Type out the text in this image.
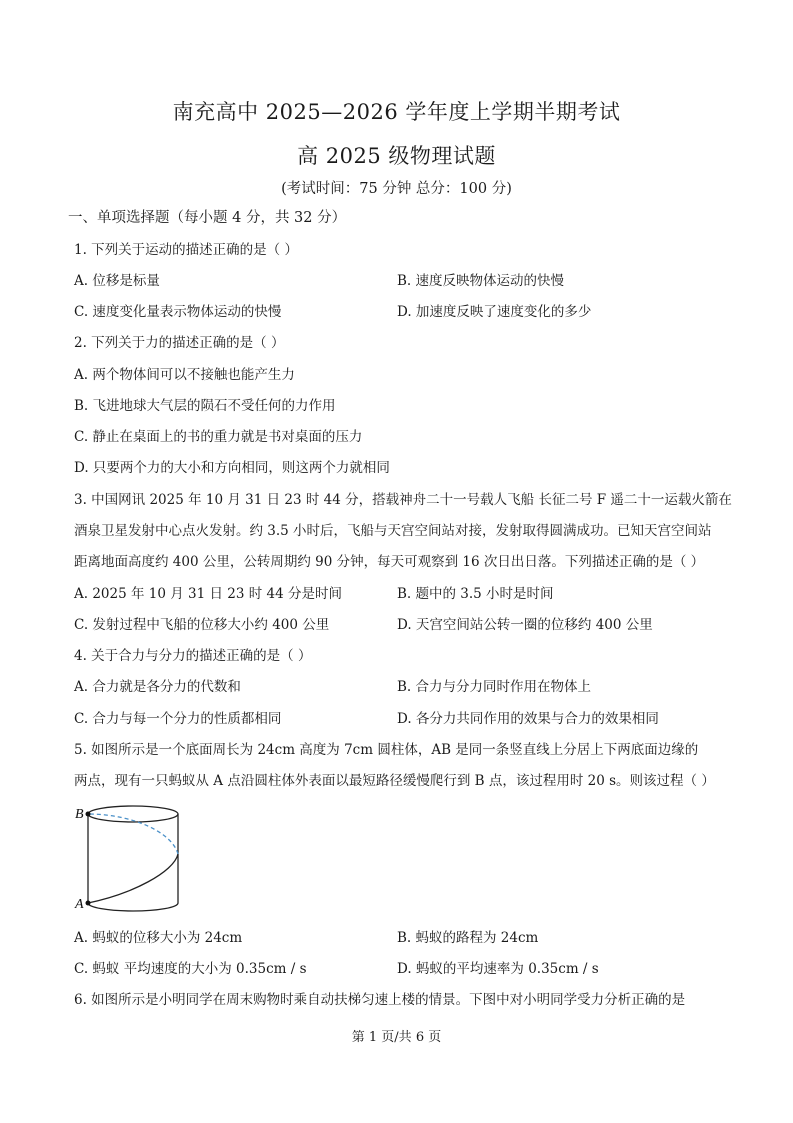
南充高中 2025—2026 学年度上学期半期考试
高 2025 级物理试题
(考试时间：75 分钟 总分：100 分)
一、单项选择题（每小题 4 分，共 32 分）
1. 下列关于运动的描述正确的是（ ）
A. 位移是标量	B. 速度反映物体运动的快慢
C. 速度变化量表示物体运动的快慢	D. 加速度反映了速度变化的多少
2. 下列关于力的描述正确的是（ ）
A. 两个物体间可以不接触也能产生力
B. 飞进地球大气层的陨石不受任何的力作用
C. 静止在桌面上的书的重力就是书对桌面的压力
D. 只要两个力的大小和方向相同，则这两个力就相同
3. 中国网讯 2025 年 10 月 31 日 23 时 44 分，搭载神舟二十一号载人飞船 长征二号 F 遥二十一运载火箭在
酒泉卫星发射中心点火发射。约 3.5 小时后，飞船与天宫空间站对接，发射取得圆满成功。已知天宫空间站
距离地面高度约 400 公里，公转周期约 90 分钟，每天可观察到 16 次日出日落。下列描述正确的是（ ）
A. 2025 年 10 月 31 日 23 时 44 分是时间	B. 题中的 3.5 小时是时间
C. 发射过程中飞船的位移大小约 400 公里	D. 天宫空间站公转一圈的位移约 400 公里
4. 关于合力与分力的描述正确的是（ ）
A. 合力就是各分力的代数和	B. 合力与分力同时作用在物体上
C. 合力与每一个分力的性质都相同	D. 各分力共同作用的效果与合力的效果相同
5. 如图所示是一个底面周长为 24cm 高度为 7cm 圆柱体，AB 是同一条竖直线上分居上下两底面边缘的
两点，现有一只蚂蚁从 A 点沿圆柱体外表面以最短路径缓慢爬行到 B 点，该过程用时 20 s。则该过程（ ）
B
A
A. 蚂蚁的位移大小为 24cm	B. 蚂蚁的路程为 24cm
C. 蚂蚁 平均速度的大小为 0.35cm / s	D. 蚂蚁的平均速率为 0.35cm / s
6. 如图所示是小明同学在周末购物时乘自动扶梯匀速上楼的情景。下图中对小明同学受力分析正确的是
第 1 页/共 6 页
